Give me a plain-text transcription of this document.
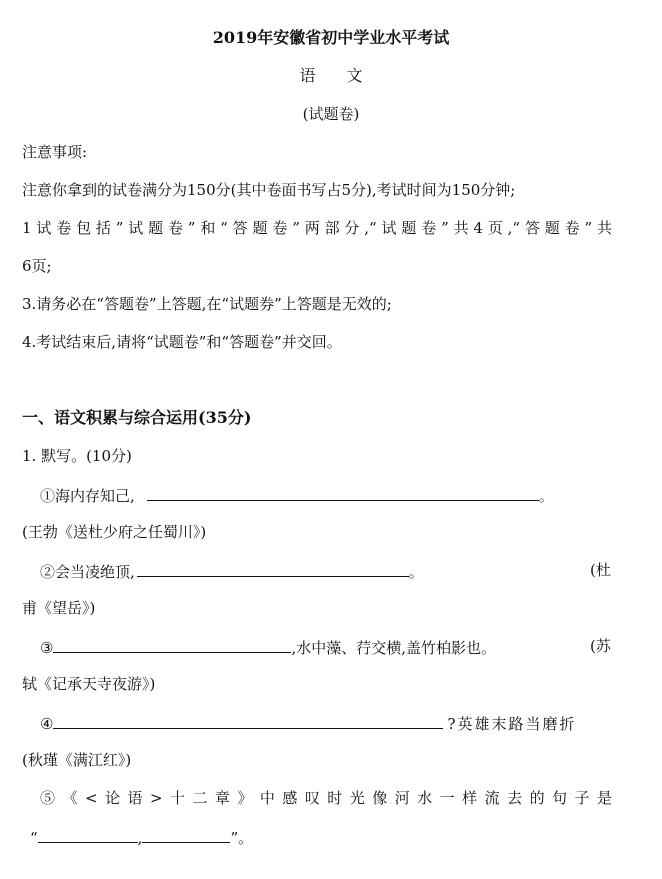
2019年安徽省初中学业水平考试
语 文
(试题卷)
注意事项:
注意你拿到的试卷满分为150分(其中卷面书写占5分),考试时间为150分钟;
1试卷包括”试题卷”和“答题卷”两部分,“试题卷”共4页,“答题卷”共
6页;
3.请务必在“答题卷”上答题,在“试题券”上答题是无效的;
4.考试结束后,请将“试题卷”和“答题卷”并交回。
一、语文积累与综合运用(35分)
1. 默写。(10分)
①海内存知己,	。
(王勃《送杜少府之任蜀川》)
②会当凌绝顶,	。	(杜
甫《望岳》)
③	,水中藻、荇交横,盖竹柏影也。	(苏
轼《记承天寺夜游》)
④	?英雄末路当磨折
(秋瑾《满江红》)
⑤《<论语>十二章》中感叹时光像河水一样流去的句子是
“	,	”。
